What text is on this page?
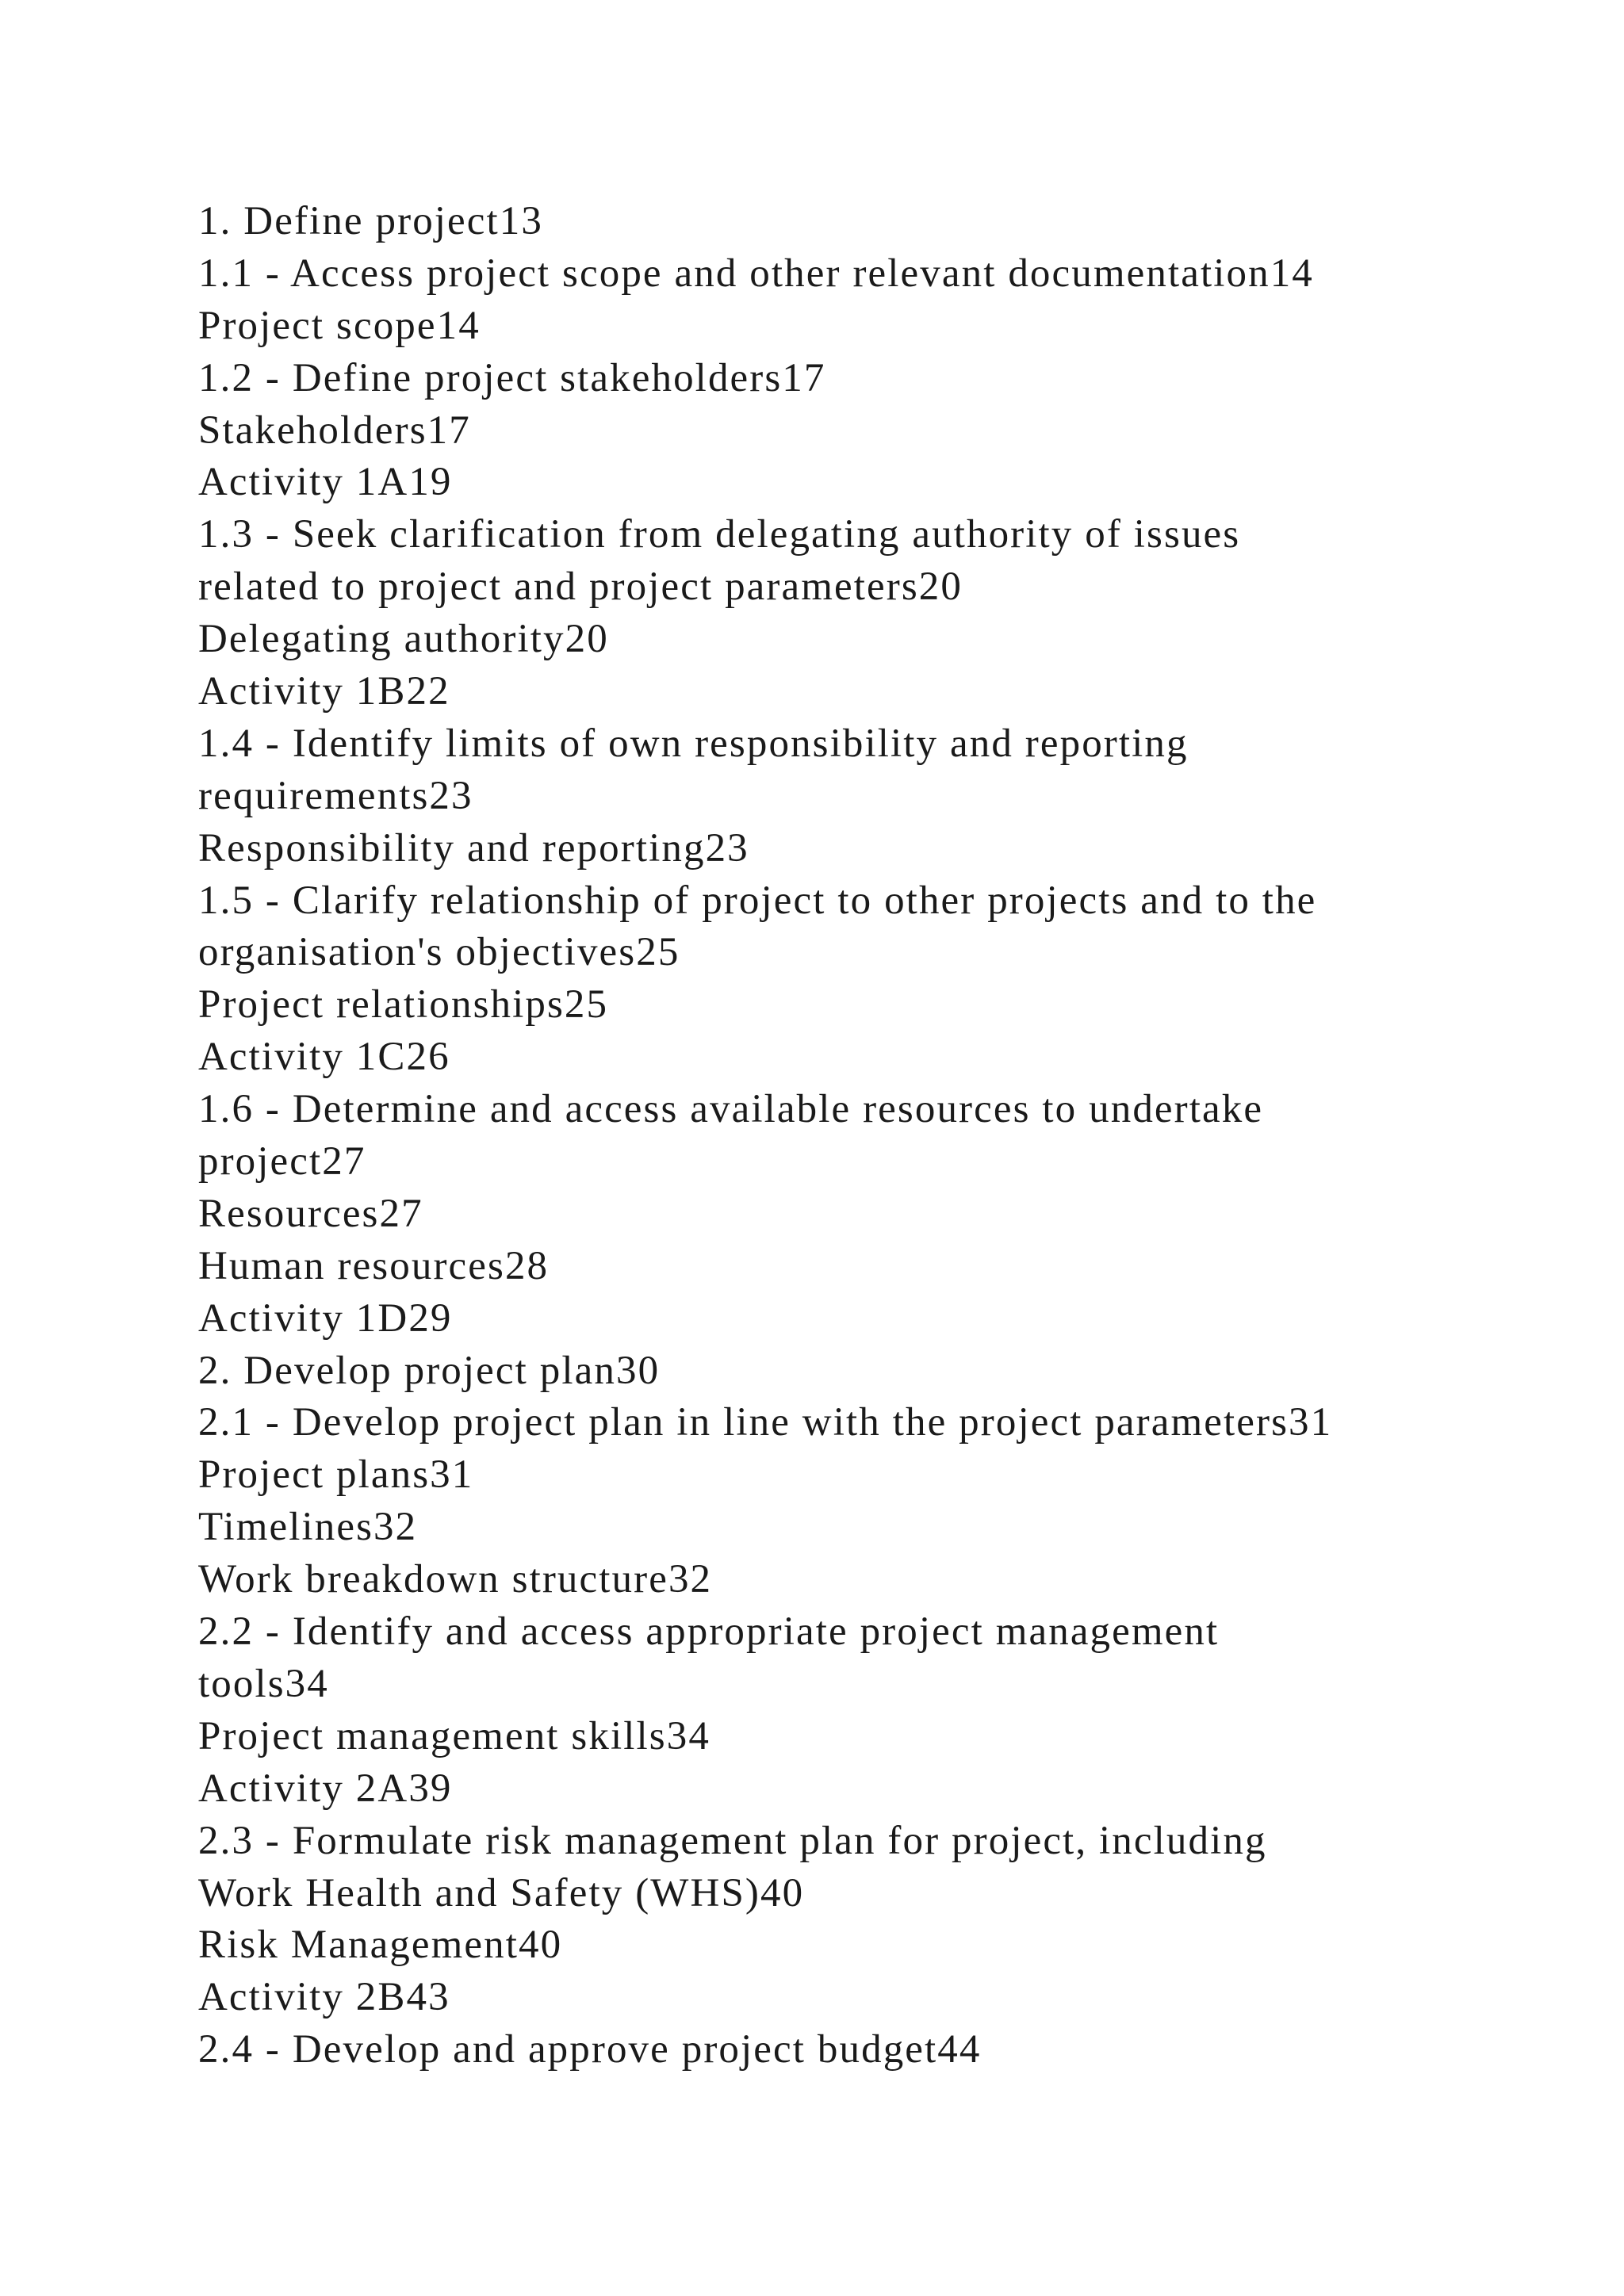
1. Define project13
1.1 - Access project scope and other relevant documentation14
Project scope14
1.2 - Define project stakeholders17
Stakeholders17
Activity 1A19
1.3 - Seek clarification from delegating authority of issues
related to project and project parameters20
Delegating authority20
Activity 1B22
1.4 - Identify limits of own responsibility and reporting
requirements23
Responsibility and reporting23
1.5 - Clarify relationship of project to other projects and to the
organisation's objectives25
Project relationships25
Activity 1C26
1.6 - Determine and access available resources to undertake
project27
Resources27
Human resources28
Activity 1D29
2. Develop project plan30
2.1 - Develop project plan in line with the project parameters31
Project plans31
Timelines32
Work breakdown structure32
2.2 - Identify and access appropriate project management
tools34
Project management skills34
Activity 2A39
2.3 - Formulate risk management plan for project, including
Work Health and Safety (WHS)40
Risk Management40
Activity 2B43
2.4 - Develop and approve project budget44
